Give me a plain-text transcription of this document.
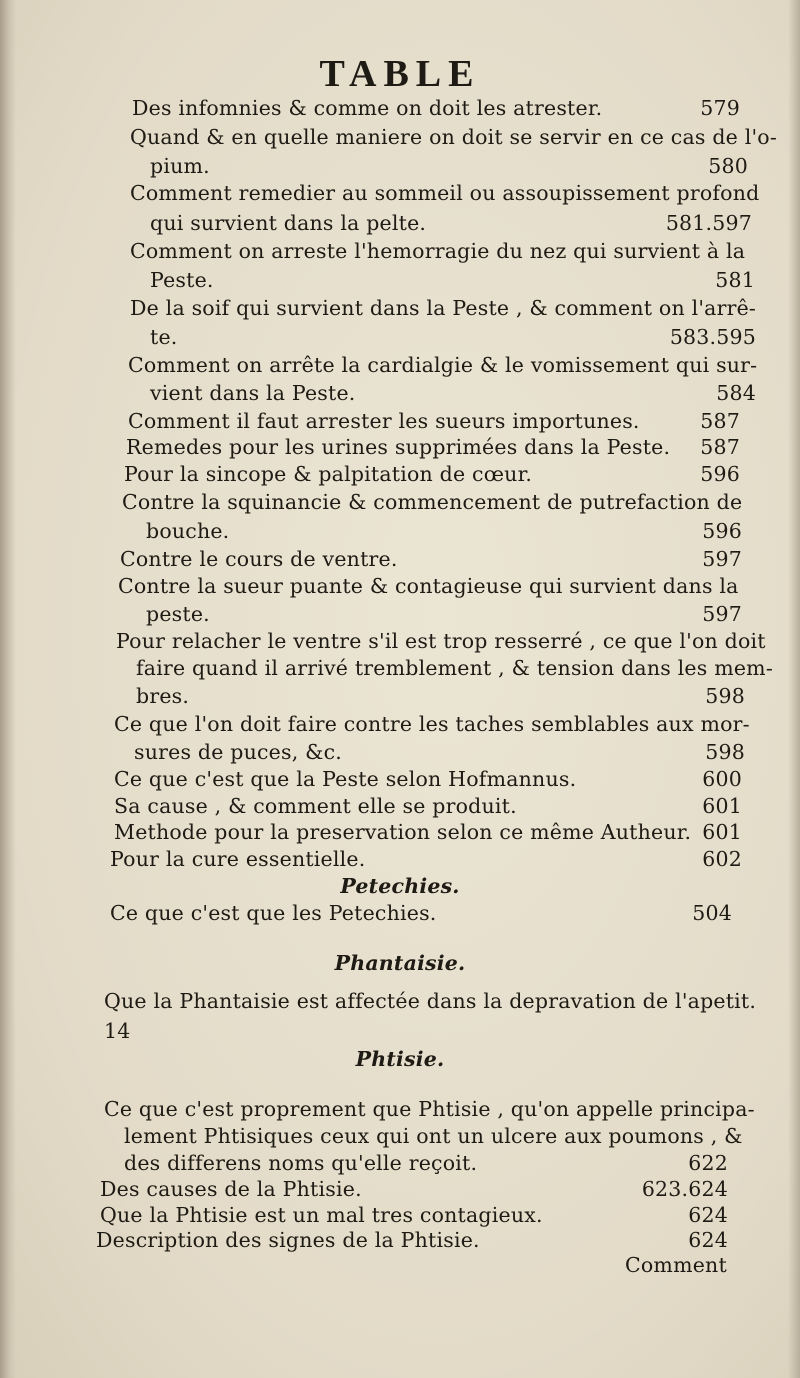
TABLE
Des infomnies & comme on doit les atrester.	579
Quand & en quelle maniere on doit se servir en ce cas de l'o-
pium.	580
Comment remedier au sommeil ou assoupissement profond
qui survient dans la pelte.	581.597
Comment on arreste l'hemorragie du nez qui survient à la
Peste.	581
De la soif qui survient dans la Peste , & comment on l'arrê-
te.	583.595
Comment on arrête la cardialgie & le vomissement qui sur-
vient dans la Peste.	584
Comment il faut arrester les sueurs importunes.	587
Remedes pour les urines supprimées dans la Peste. 587
Pour la sincope & palpitation de cœur.	596
Contre la squinancie & commencement de putrefaction de
bouche.	596
Contre le cours de ventre.	597
Contre la sueur puante & contagieuse qui survient dans la
peste.	597
Pour relacher le ventre s'il est trop resserré , ce que l'on doit
faire quand il arrivé tremblement , & tension dans les mem-
bres.	598
Ce que l'on doit faire contre les taches semblables aux mor-
sures de puces, &c.	598
Ce que c'est que la Peste selon Hofmannus.	600
Sa cause , & comment elle se produit.	601
Methode pour la preservation selon ce même Autheur. 601
Pour la cure essentielle.	602
Petechies.
Ce que c'est que les Petechies.	504
Phantaisie.
Que la Phantaisie est affectée dans la depravation de l'apetit.
14
Phtisie.
Ce que c'est proprement que Phtisie , qu'on appelle principa-
lement Phtisiques ceux qui ont un ulcere aux poumons , &
des differens noms qu'elle reçoit.	622
Des causes de la Phtisie.	623.624
Que la Phtisie est un mal tres contagieux.	624
Description des signes de la Phtisie.	624
Comment
